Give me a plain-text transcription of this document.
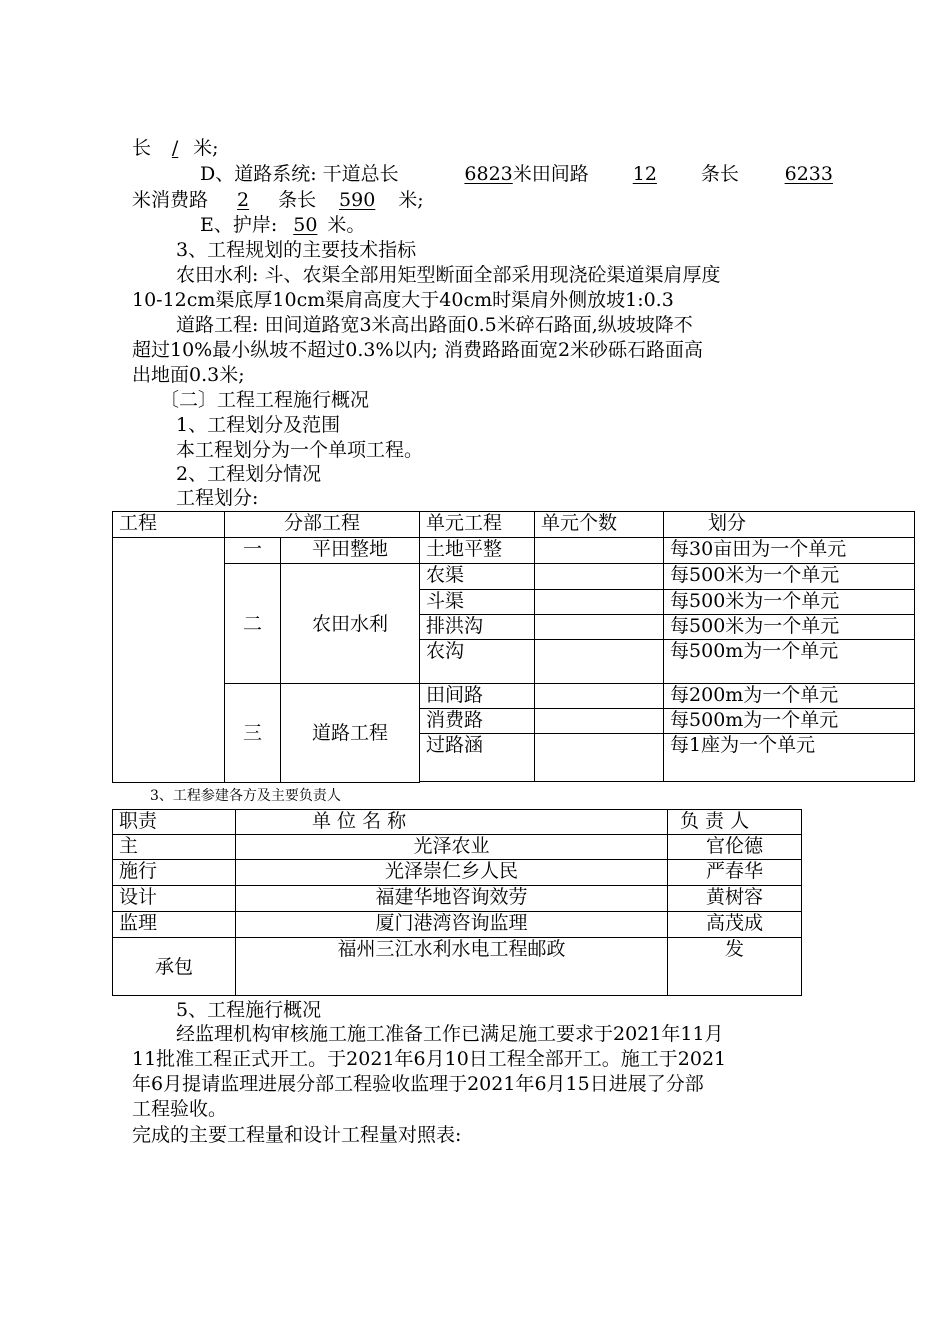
长 / 米;
D、道路系统: 干道总长	6823米田间路	12	条长	6233
米消费路 2 条长 590 米;
E、护岸: 50 米。
3、工程规划的主要技术指标
农田水利: 斗、农渠全部用矩型断面全部采用现浇砼渠道渠肩厚度
10-12cm渠底厚10cm渠肩高度大于40cm时渠肩外侧放坡1:0.3
道路工程: 田间道路宽3米高出路面0.5米碎石路面,纵坡坡降不
超过10%最小纵坡不超过0.3%以内; 消费路路面宽2米砂砾石路面高
出地面0.3米;
〔二〕工程工程施行概况
1、工程划分及范围
本工程划分为一个单项工程。
2、工程划分情况
工程划分:
工程	分部工程		单元工程	单元个数	划分
	一	平田整地	土地平整		每30亩田为一个单元
	二	农田水利	农渠		每500米为一个单元
			斗渠		每500米为一个单元
			排洪沟		每500米为一个单元
			农沟		每500m为一个单元
	三	道路工程	田间路		每200m为一个单元
			消费路		每500m为一个单元
			过路涵		每1座为一个单元

3、工程参建各方及主要负责人
职责	单 位 名 称	负 责 人
主	光泽农业	官伦德
施行	光泽崇仁乡人民	严春华
设计	福建华地咨询效劳	黄树容
监理	厦门港湾咨询监理	高茂成
承包	福州三江水利水电工程邮政	发
5、工程施行概况
经监理机构审核施工施工准备工作已满足施工要求于2021年11月
11批准工程正式开工。于2021年6月10日工程全部开工。施工于2021
年6月提请监理进展分部工程验收监理于2021年6月15日进展了分部
工程验收。
完成的主要工程量和设计工程量对照表:
